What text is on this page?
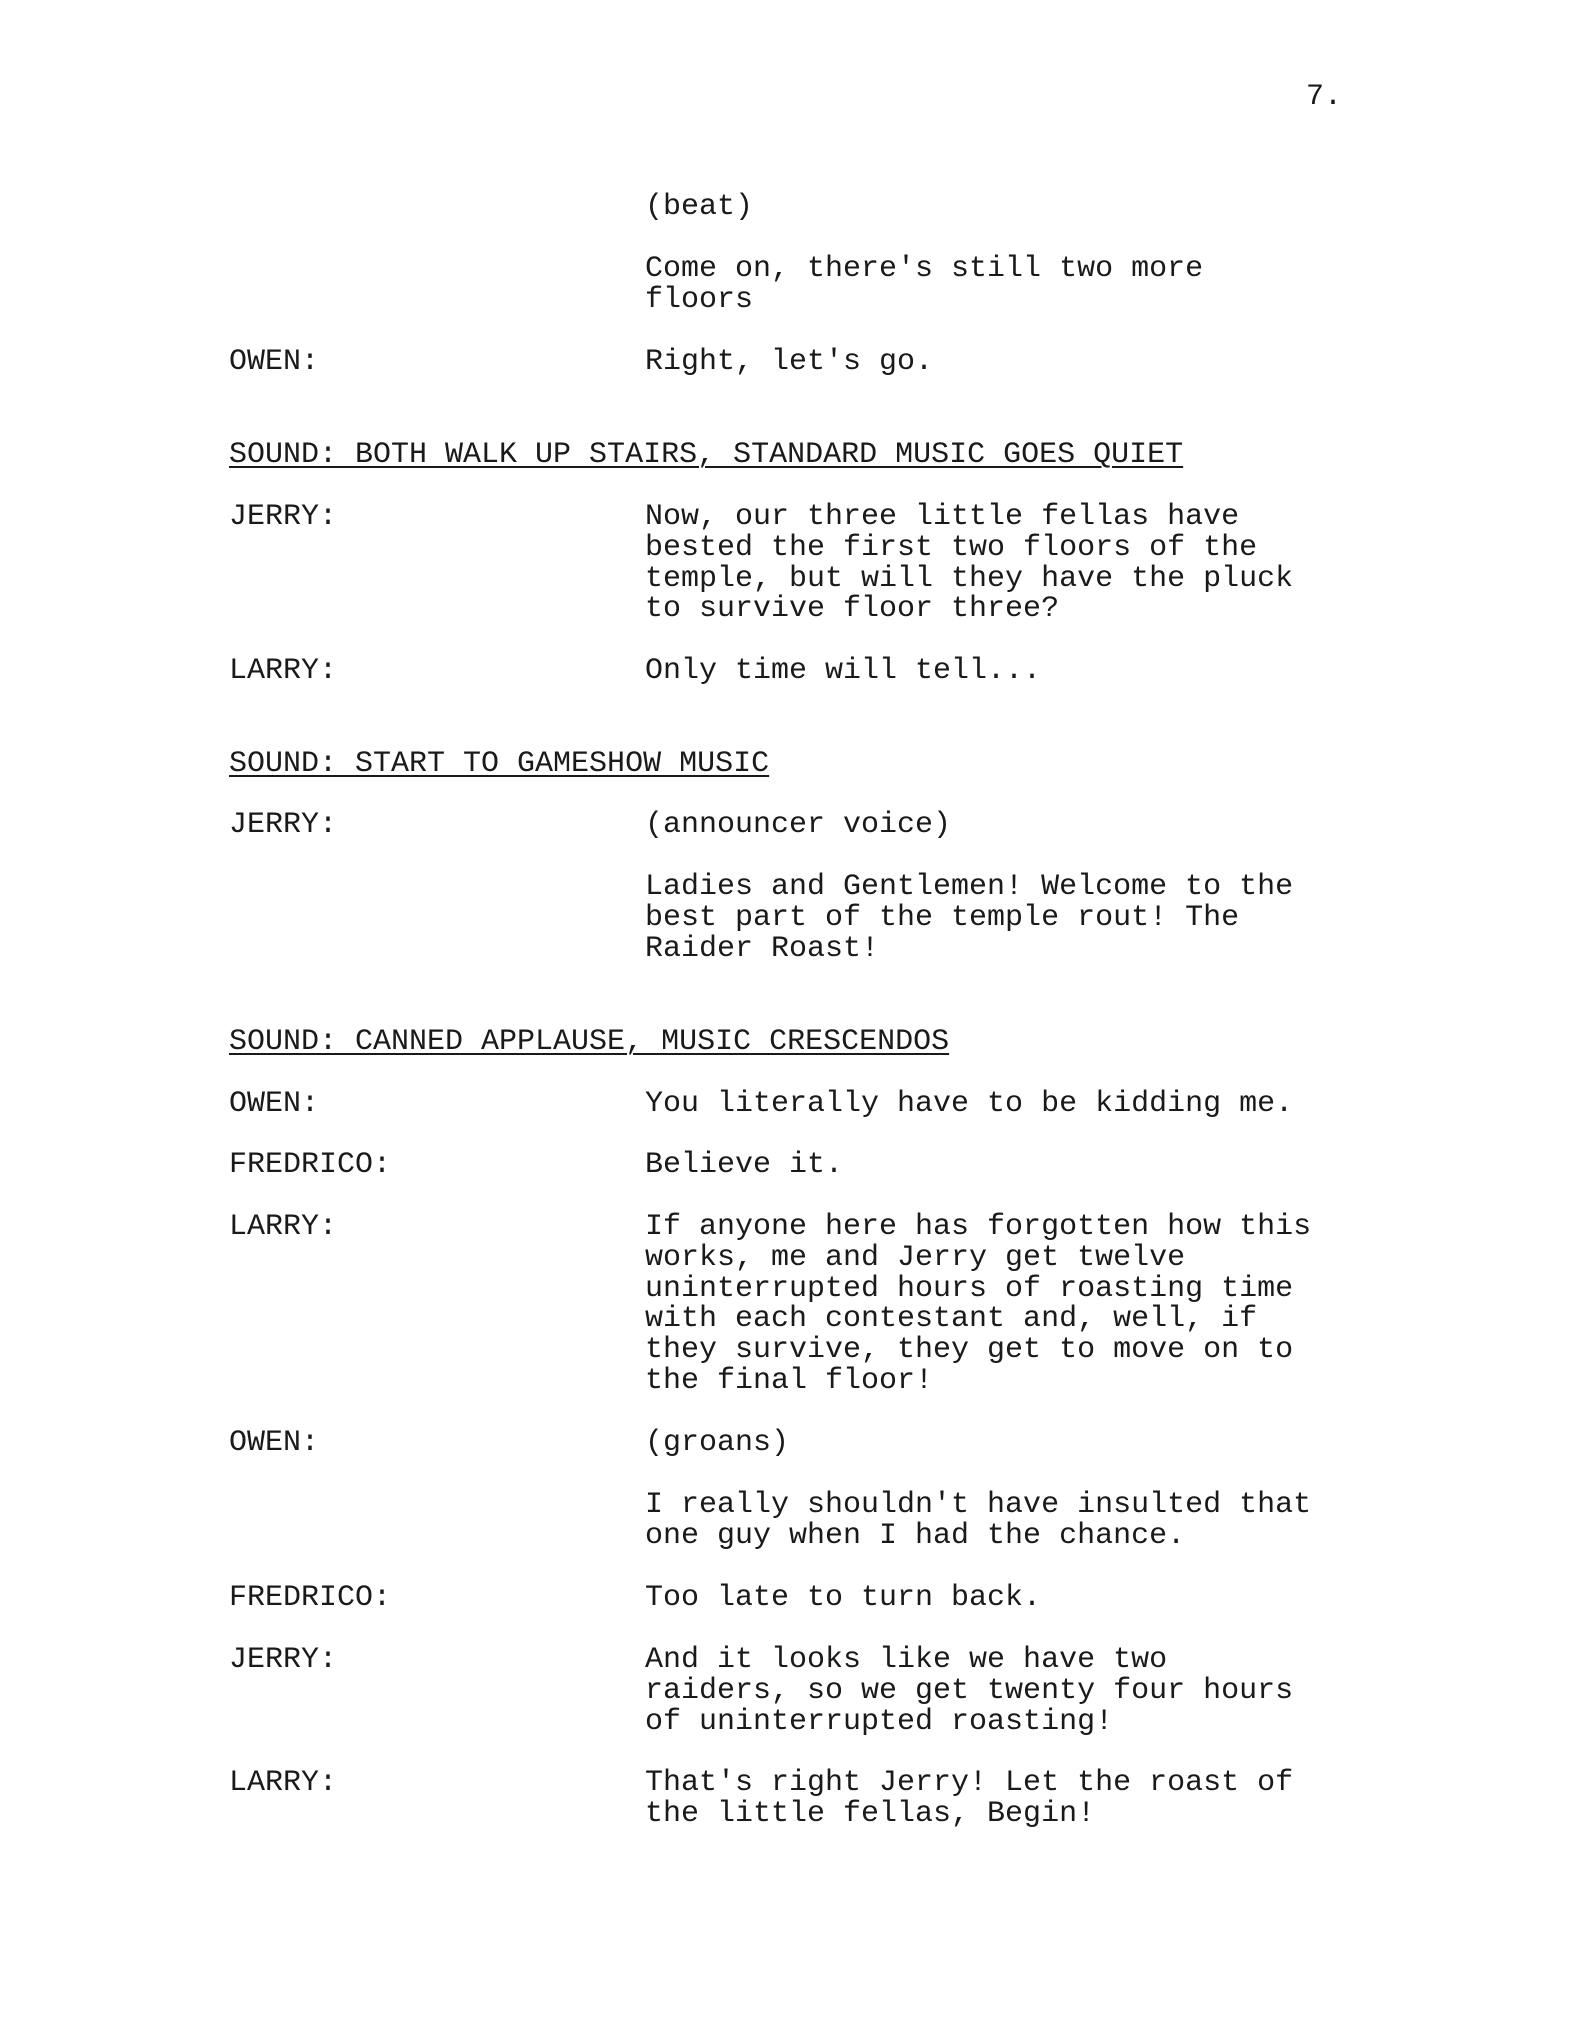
7.
(beat)
Come on, there's still two more
floors
OWEN:	Right, let's go.
SOUND: BOTH WALK UP STAIRS, STANDARD MUSIC GOES QUIET
JERRY:	Now, our three little fellas have
bested the first two floors of the
temple, but will they have the pluck
to survive floor three?
LARRY:	Only time will tell...
SOUND: START TO GAMESHOW MUSIC
JERRY:	(announcer voice)
Ladies and Gentlemen! Welcome to the
best part of the temple rout! The
Raider Roast!
SOUND: CANNED APPLAUSE, MUSIC CRESCENDOS
OWEN:	You literally have to be kidding me.
FREDRICO:	Believe it.
LARRY:	If anyone here has forgotten how this
works, me and Jerry get twelve
uninterrupted hours of roasting time
with each contestant and, well, if
they survive, they get to move on to
the final floor!
OWEN:	(groans)
I really shouldn't have insulted that
one guy when I had the chance.
FREDRICO:	Too late to turn back.
JERRY:	And it looks like we have two
raiders, so we get twenty four hours
of uninterrupted roasting!
LARRY:	That's right Jerry! Let the roast of
the little fellas, Begin!
